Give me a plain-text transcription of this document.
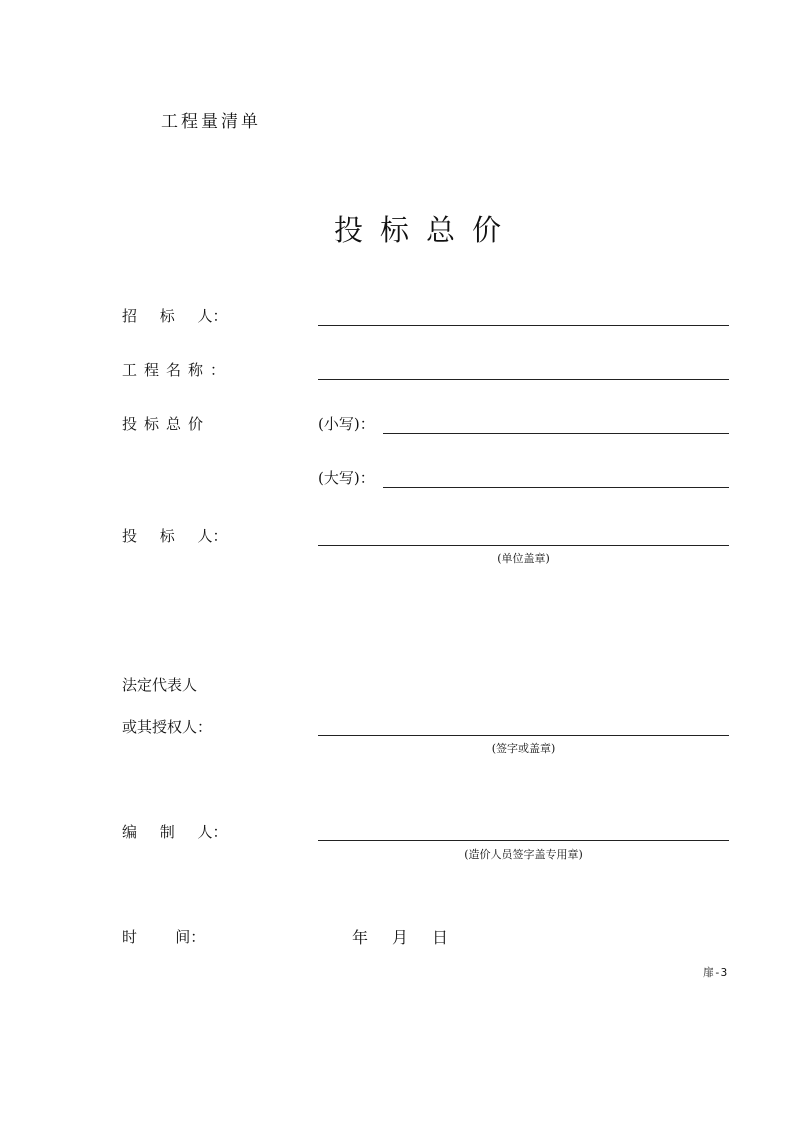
工程量清单
投标总价
招 标 人：
工程名称：
投标总价	(小写)：
(大写)：
投 标 人：
(单位盖章)
法定代表人
或其授权人：
(签字或盖章)
编 制 人：
(造价人员签字盖专用章)
时   间：	年 月 日
扉-3
